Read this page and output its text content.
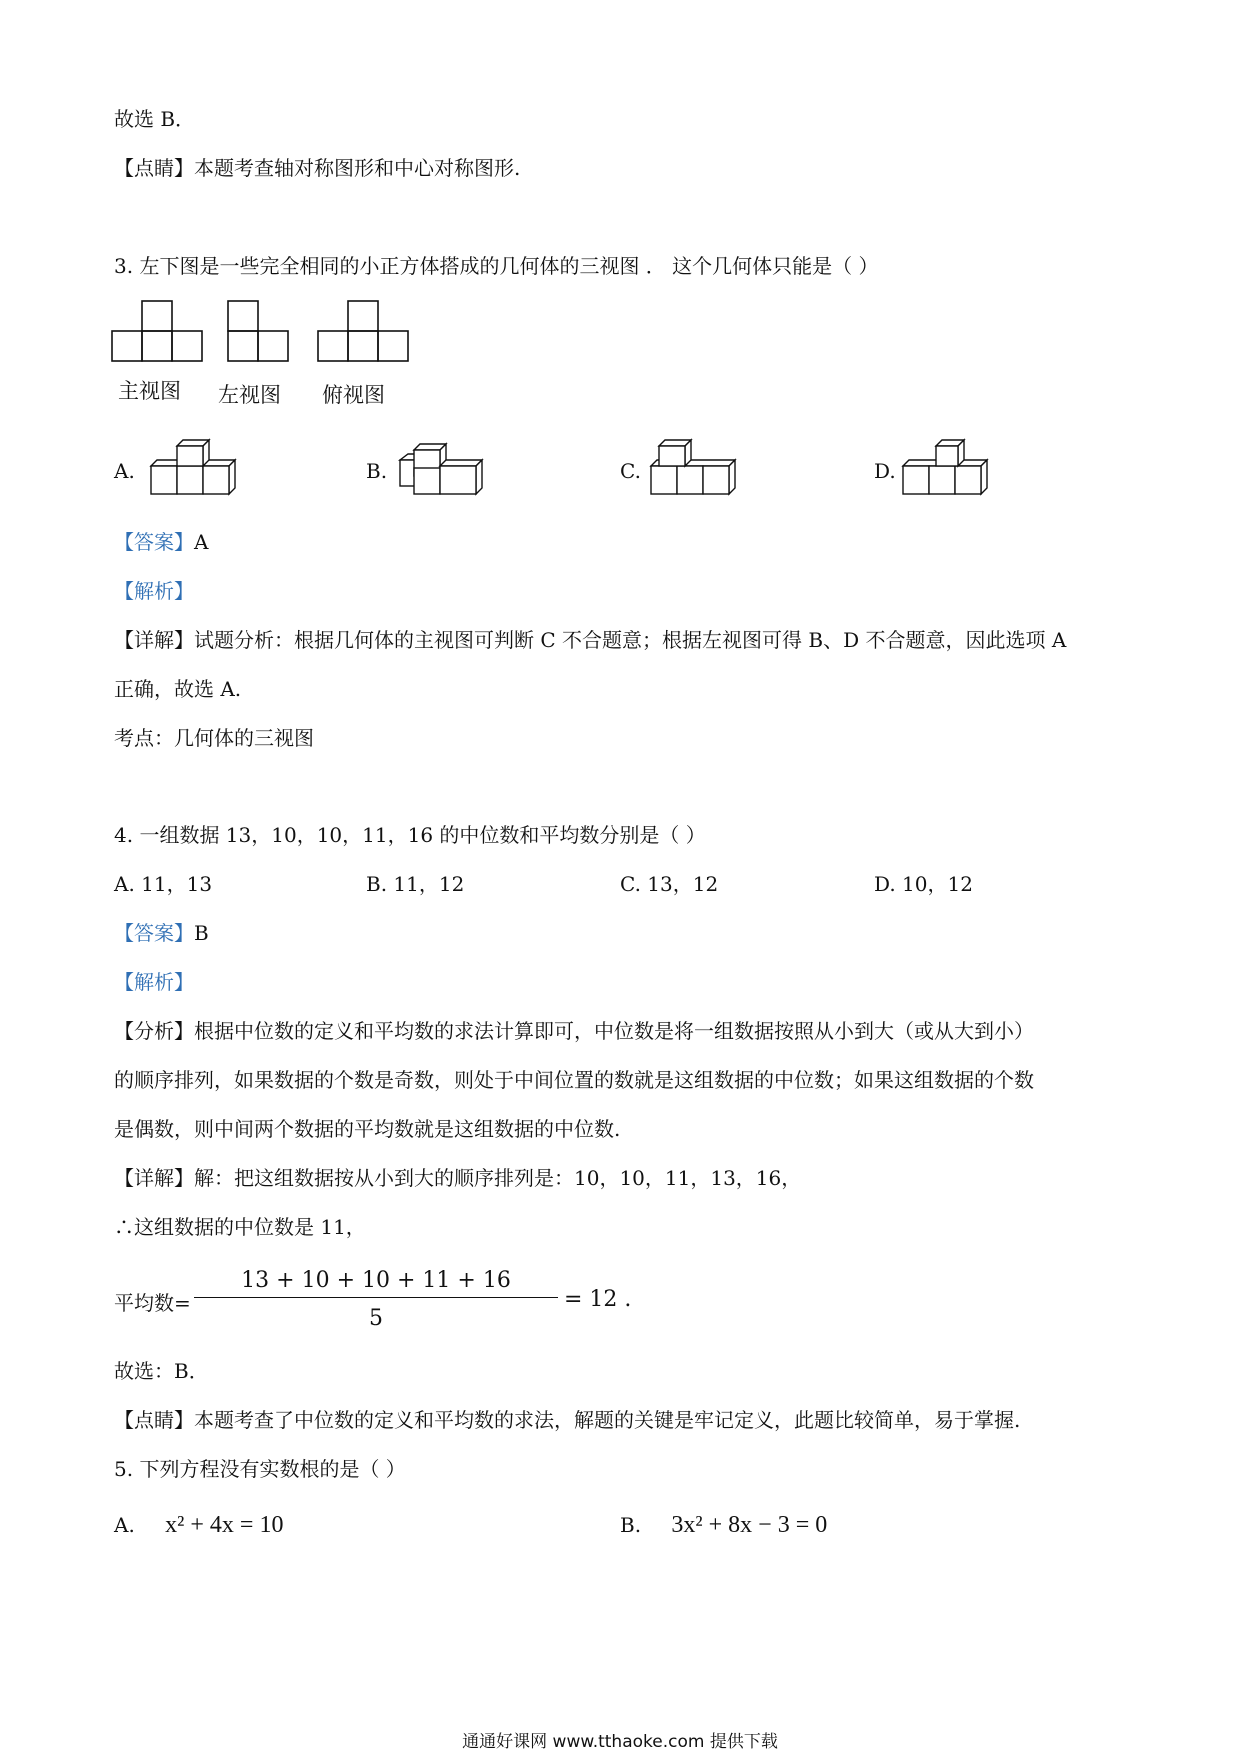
故选 B．
【点睛】本题考查轴对称图形和中心对称图形.
3. 左下图是一些完全相同的小正方体搭成的几何体的三视图 ． 这个几何体只能是（ ）
主视图 左视图 俯视图
A.	B.	C.	D.
【答案】A
【解析】
【详解】试题分析：根据几何体的主视图可判断 C 不合题意；根据左视图可得 B、D 不合题意，因此选项 A
正确，故选 A.
考点：几何体的三视图
4. 一组数据 13，10，10，11，16 的中位数和平均数分别是（ ）
A. 11，13	B. 11，12	C. 13，12	D. 10，12
【答案】B
【解析】
【分析】根据中位数的定义和平均数的求法计算即可，中位数是将一组数据按照从小到大（或从大到小）
的顺序排列，如果数据的个数是奇数，则处于中间位置的数就是这组数据的中位数；如果这组数据的个数
是偶数，则中间两个数据的平均数就是这组数据的中位数.
【详解】解：把这组数据按从小到大的顺序排列是：10，10，11，13，16，
∴这组数据的中位数是 11，
平均数=
13 + 10 + 10 + 11 + 16
5
= 12 .
故选：B．
【点睛】本题考查了中位数的定义和平均数的求法，解题的关键是牢记定义，此题比较简单，易于掌握.
5. 下列方程没有实数根的是（ ）
A. x² + 4x = 10	B. 3x² + 8x − 3 = 0
通通好课网 www.tthaoke.com 提供下载
